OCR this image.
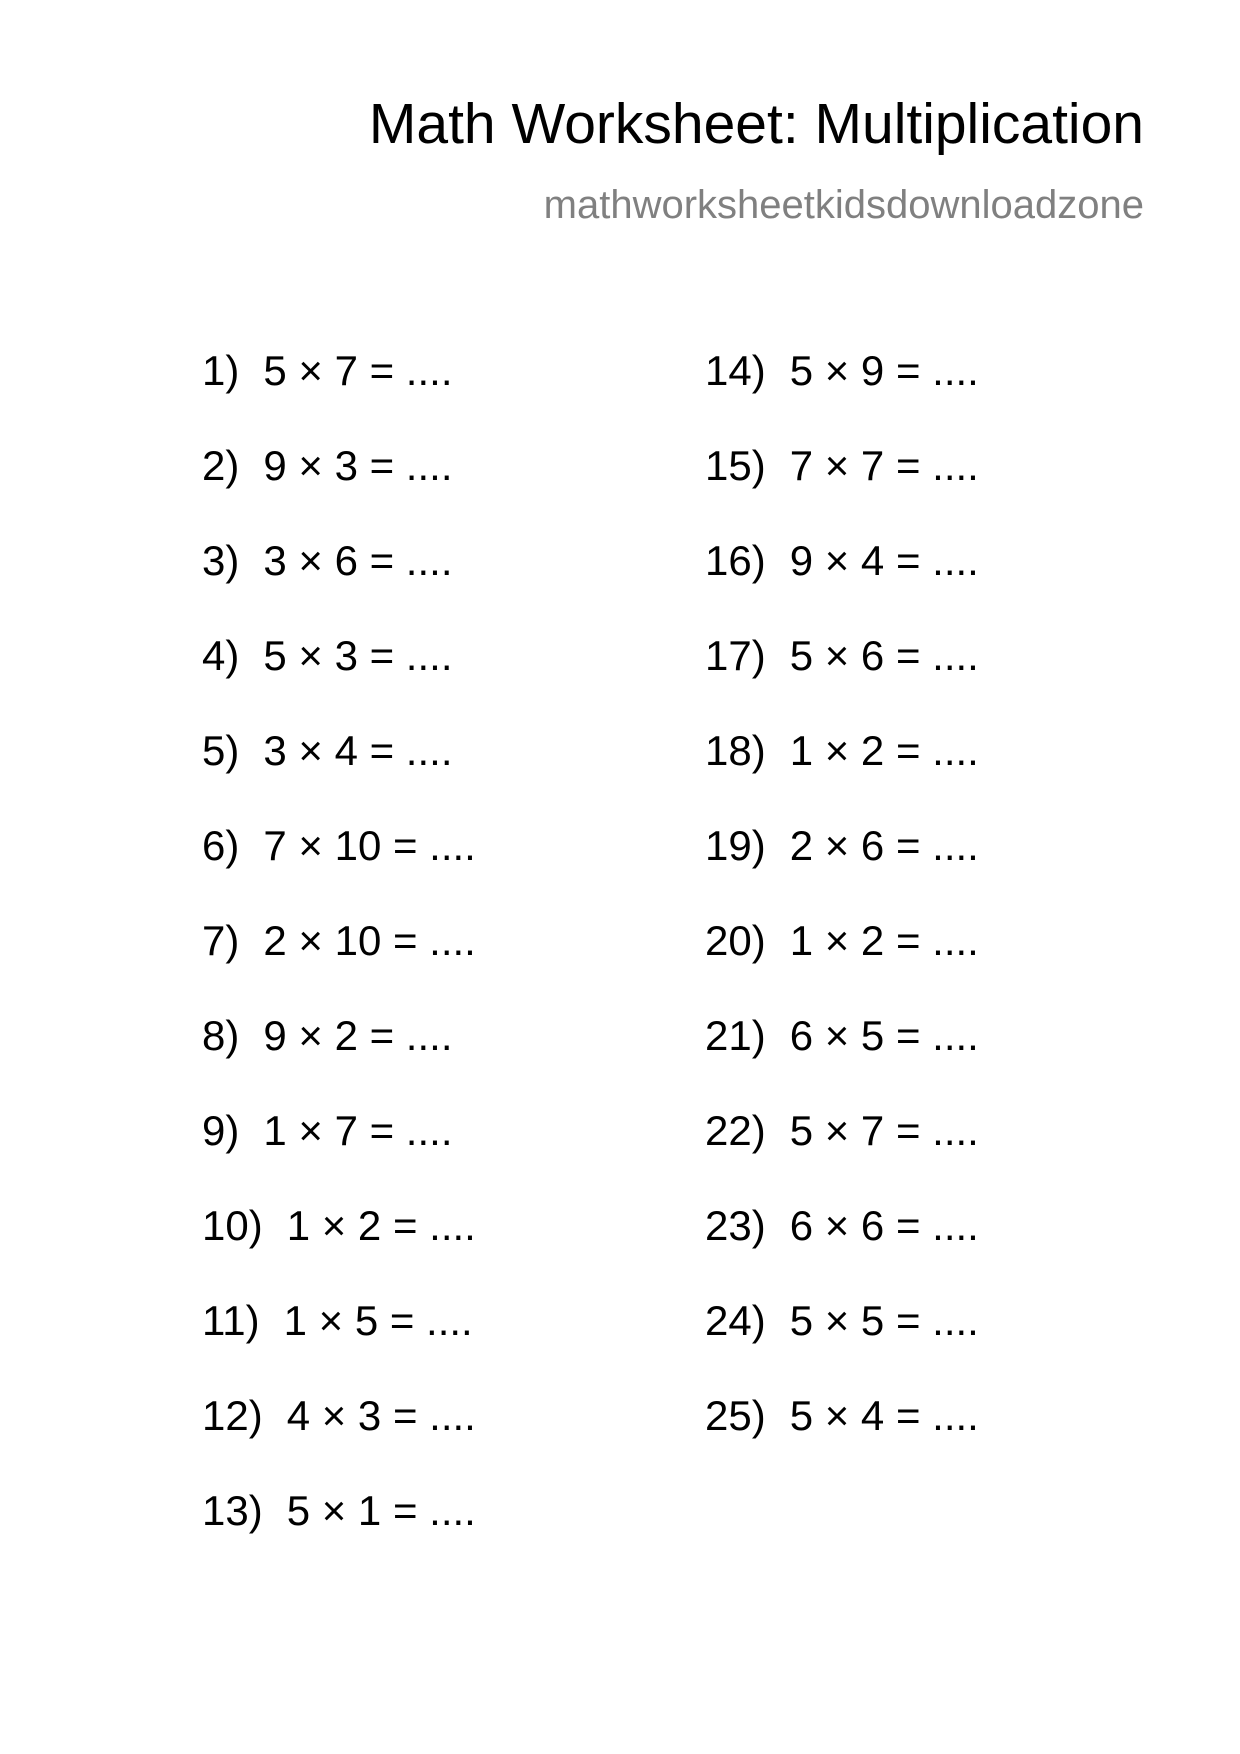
Math Worksheet: Multiplication
mathworksheetkidsdownloadzone
1) 5 × 7 = ....
2) 9 × 3 = ....
3) 3 × 6 = ....
4) 5 × 3 = ....
5) 3 × 4 = ....
6) 7 × 10 = ....
7) 2 × 10 = ....
8) 9 × 2 = ....
9) 1 × 7 = ....
10) 1 × 2 = ....
11) 1 × 5 = ....
12) 4 × 3 = ....
13) 5 × 1 = ....
14) 5 × 9 = ....
15) 7 × 7 = ....
16) 9 × 4 = ....
17) 5 × 6 = ....
18) 1 × 2 = ....
19) 2 × 6 = ....
20) 1 × 2 = ....
21) 6 × 5 = ....
22) 5 × 7 = ....
23) 6 × 6 = ....
24) 5 × 5 = ....
25) 5 × 4 = ....
